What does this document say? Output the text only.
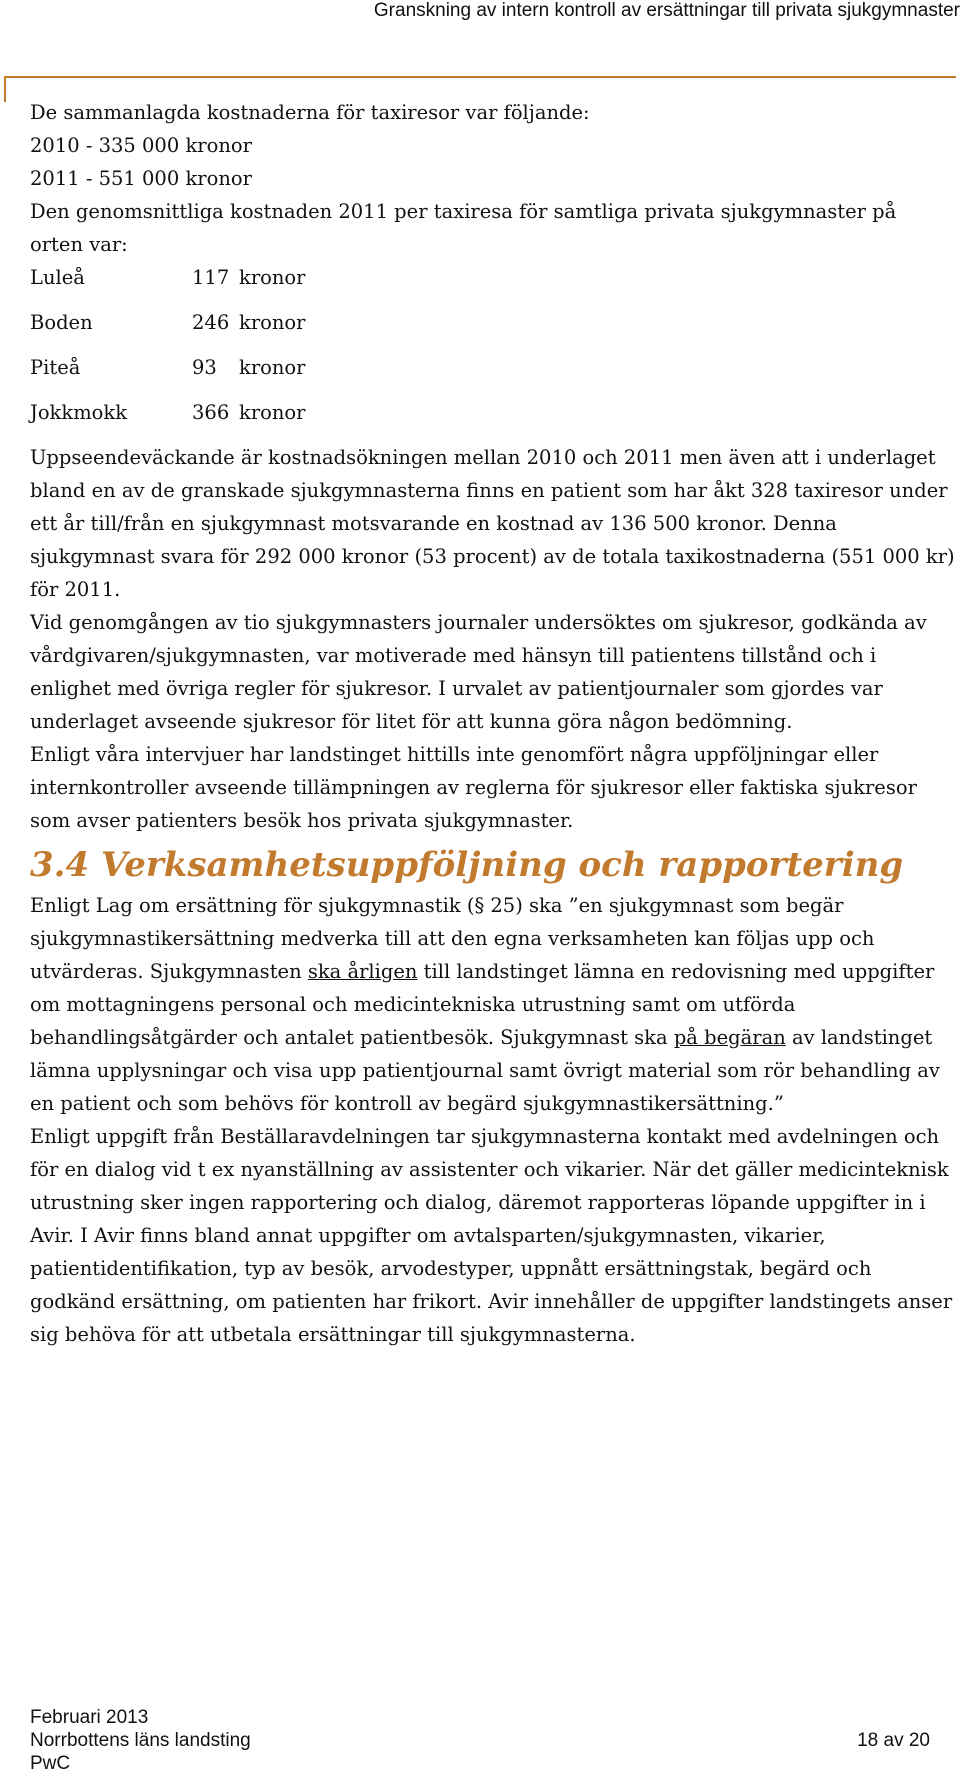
Granskning av intern kontroll av ersättningar till privata sjukgymnaster

De sammanlagda kostnaderna för taxiresor var följande:

2010 - 335 000 kronor

2011 - 551 000 kronor

Den genomsnittliga kostnaden 2011 per taxiresa för samtliga privata sjukgymnaster på orten var:

Luleå	117 kronor
Boden	246 kronor
Piteå	93 kronor
Jokkmokk	366 kronor

Uppseendeväckande är kostnadsökningen mellan 2010 och 2011 men även att i underlaget bland en av de granskade sjukgymnasterna finns en patient som har åkt 328 taxiresor under ett år till/från en sjukgymnast motsvarande en kostnad av 136 500 kronor. Denna sjukgymnast svara för 292 000 kronor (53 procent) av de totala taxikostnaderna (551 000 kr) för 2011.

Vid genomgången av tio sjukgymnasters journaler undersöktes om sjukresor, godkända av vårdgivaren/sjukgymnasten, var motiverade med hänsyn till patientens tillstånd och i enlighet med övriga regler för sjukresor. I urvalet av patientjournaler som gjordes var underlaget avseende sjukresor för litet för att kunna göra någon bedömning.

Enligt våra intervjuer har landstinget hittills inte genomfört några uppföljningar eller internkontroller avseende tillämpningen av reglerna för sjukresor eller faktiska sjukresor som avser patienters besök hos privata sjukgymnaster.

3.4 Verksamhetsuppföljning och rapportering

Enligt Lag om ersättning för sjukgymnastik (§ 25) ska ”en sjukgymnast som begär sjukgymnastikersättning medverka till att den egna verksamheten kan följas upp och utvärderas. Sjukgymnasten ska årligen till landstinget lämna en redovisning med uppgifter om mottagningens personal och medicintekniska utrustning samt om utförda behandlingsåtgärder och antalet patientbesök. Sjukgymnast ska på begäran av landstinget lämna upplysningar och visa upp patientjournal samt övrigt material som rör behandling av en patient och som behövs för kontroll av begärd sjukgymnastikersättning.”

Enligt uppgift från Beställaravdelningen tar sjukgymnasterna kontakt med avdelningen och för en dialog vid t ex nyanställning av assistenter och vikarier. När det gäller medicinteknisk utrustning sker ingen rapportering och dialog, däremot rapporteras löpande uppgifter in i Avir. I Avir finns bland annat uppgifter om avtalsparten/sjukgymnasten, vikarier, patientidentifikation, typ av besök, arvodestyper, uppnått ersättningstak, begärd och godkänd ersättning, om patienten har frikort. Avir innehåller de uppgifter landstingets anser sig behöva för att utbetala ersättningar till sjukgymnasterna.

Februari 2013
Norrbottens läns landsting
PwC
18 av 20
